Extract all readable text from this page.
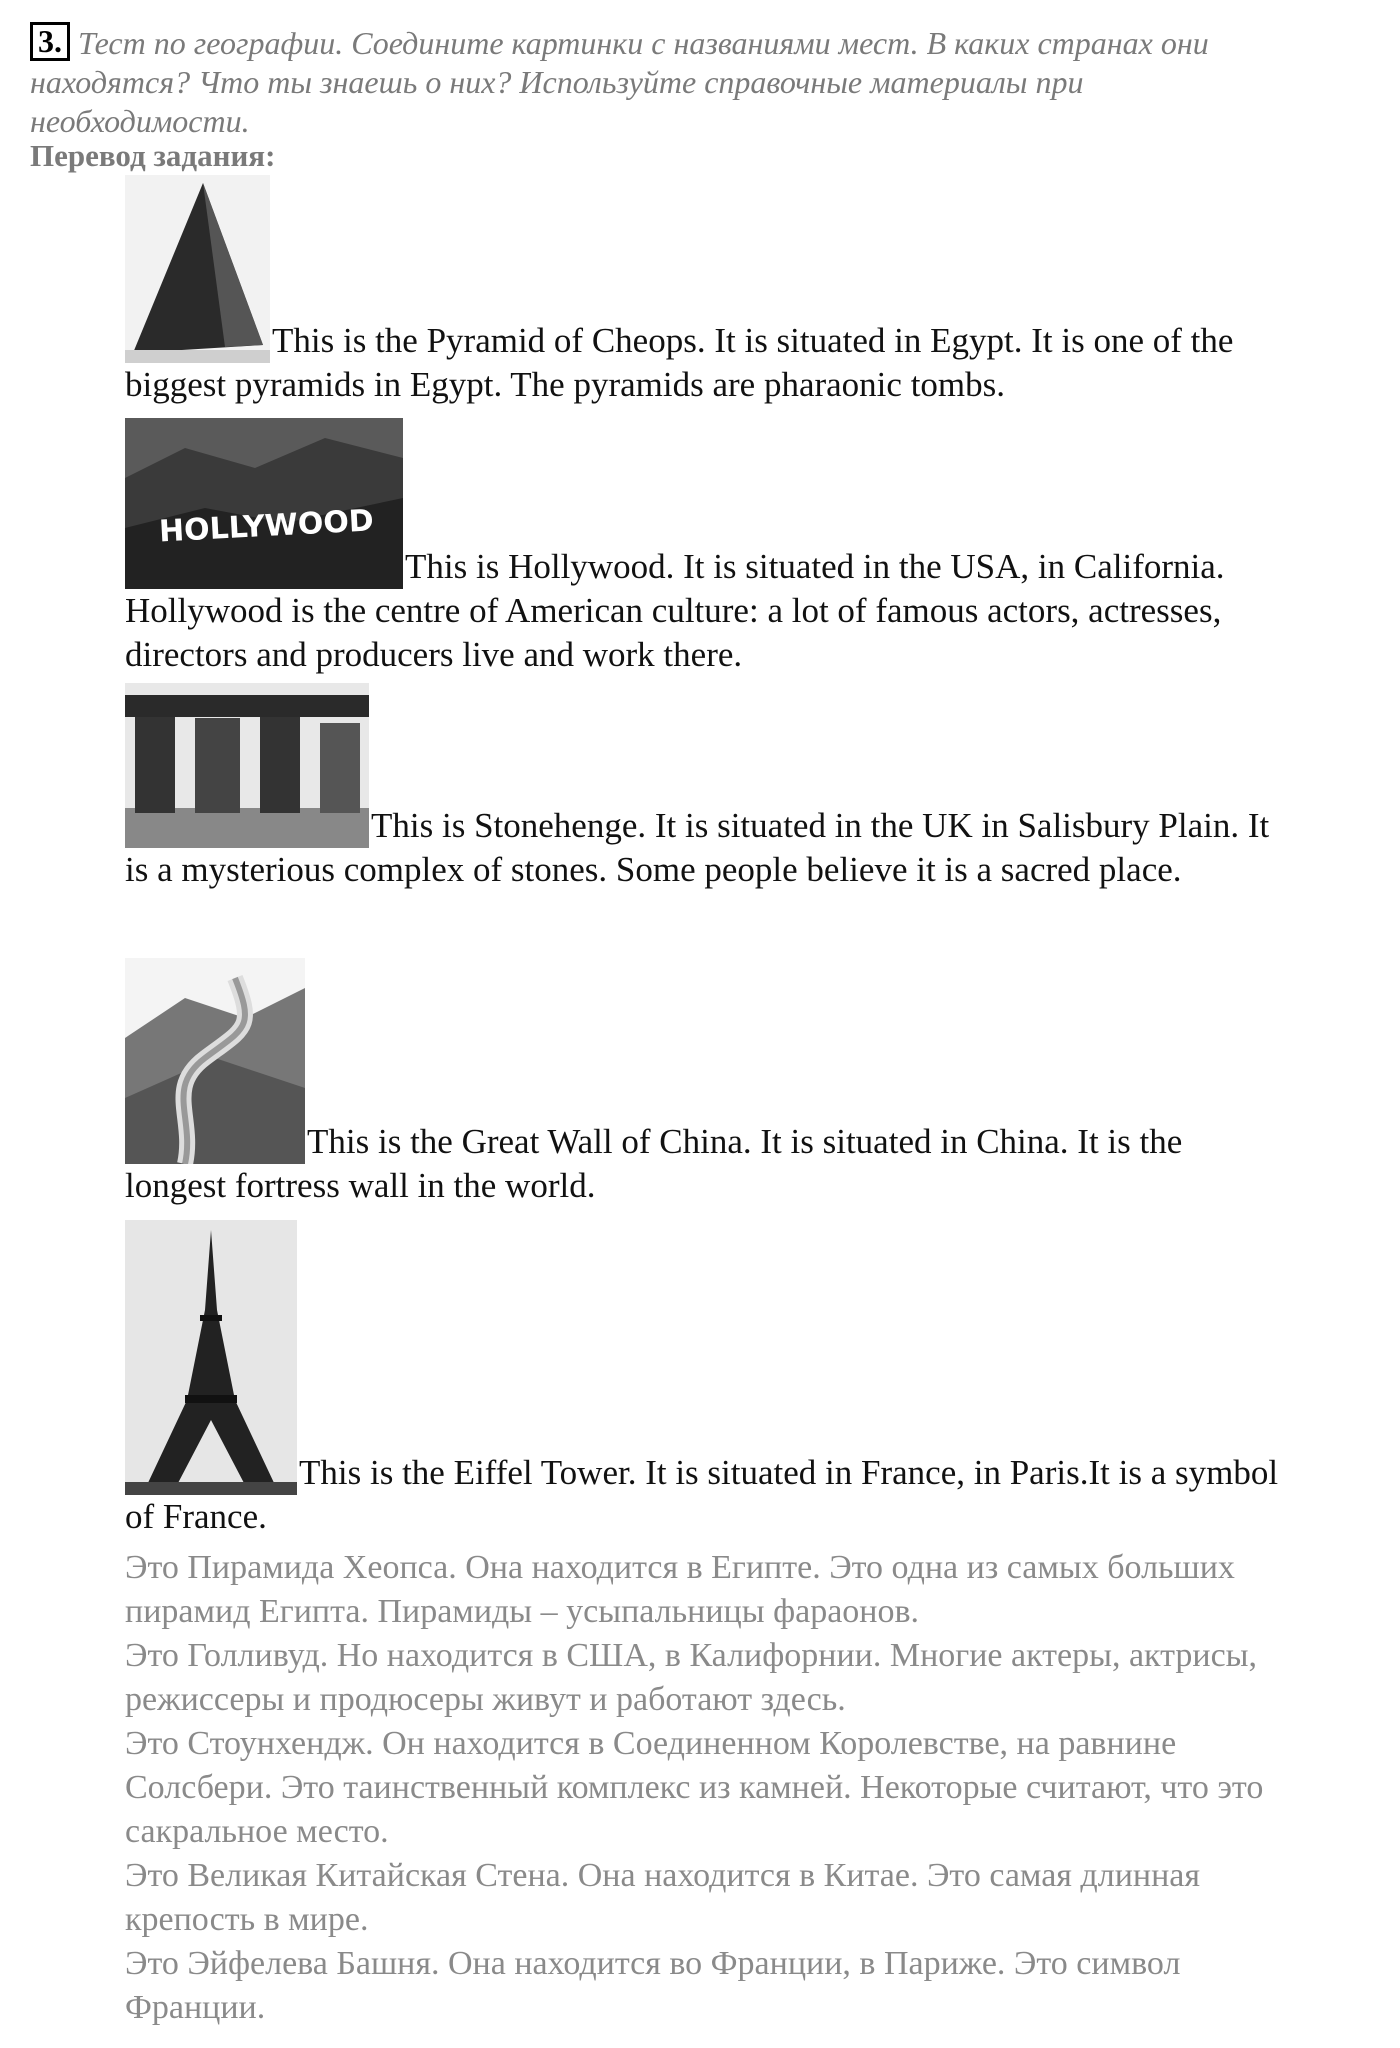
3. Тест по географии. Соедините картинки с названиями мест. В каких странах они находятся? Что ты знаешь о них? Используйте справочные материалы при необходимости.
Перевод задания:
This is the Pyramid of Cheops. It is situated in Egypt. It is one of the biggest pyramids in Egypt. The pyramids are pharaonic tombs.
HOLLYWOOD
This is Hollywood. It is situated in the USA, in California. Hollywood is the centre of American culture: a lot of famous actors, actresses, directors and producers live and work there.
This is Stonehenge. It is situated in the UK in Salisbury Plain. It is a mysterious complex of stones. Some people believe it is a sacred place.
This is the Great Wall of China. It is situated in China. It is the longest fortress wall in the world.
This is the Eiffel Tower. It is situated in France, in Paris.It is a symbol of France.

Это Пирамида Хеопса. Она находится в Египте. Это одна из самых больших пирамид Египта. Пирамиды – усыпальницы фараонов.

Это Голливуд. Но находится в США, в Калифорнии. Многие актеры, актрисы, режиссеры и продюсеры живут и работают здесь.

Это Стоунхендж. Он находится в Соединенном Королевстве, на равнине Солсбери. Это таинственный комплекс из камней. Некоторые считают, что это сакральное место.

Это Великая Китайская Стена. Она находится в Китае. Это самая длинная крепость в мире.

Это Эйфелева Башня. Она находится во Франции, в Париже. Это символ Франции.
